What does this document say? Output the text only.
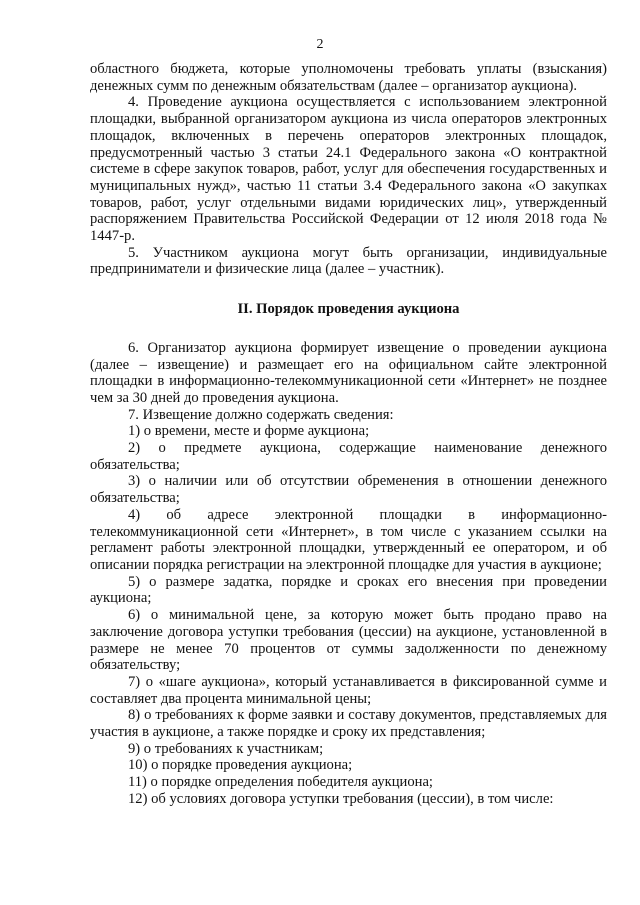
2

областного бюджета, которые уполномочены требовать уплаты (взыскания) денежных сумм по денежным обязательствам (далее – организатор аукциона).

4. Проведение аукциона осуществляется с использованием электронной площадки, выбранной организатором аукциона из числа операторов электронных площадок, включенных в перечень операторов электронных площадок, предусмотренный частью 3 статьи 24.1 Федерального закона «О контрактной системе в сфере закупок товаров, работ, услуг для обеспечения государственных и муниципальных нужд», частью 11 статьи 3.4 Федерального закона «О закупках товаров, работ, услуг отдельными видами юридических лиц», утвержденный распоряжением Правительства Российской Федерации от 12 июля 2018 года № 1447-р.

5. Участником аукциона могут быть организации, индивидуальные предприниматели и физические лица (далее – участник).

II. Порядок проведения аукциона

6. Организатор аукциона формирует извещение о проведении аукциона (далее – извещение) и размещает его на официальном сайте электронной площадки в информационно-телекоммуникационной сети «Интернет» не позднее чем за 30 дней до проведения аукциона.

7. Извещение должно содержать сведения:

1) о времени, месте и форме аукциона;

2) о предмете аукциона, содержащие наименование денежного обязательства;

3) о наличии или об отсутствии обременения в отношении денежного обязательства;

4) об адресе электронной площадки в информационно-телекоммуникационной сети «Интернет», в том числе с указанием ссылки на регламент работы электронной площадки, утвержденный ее оператором, и об описании порядка регистрации на электронной площадке для участия в аукционе;

5) о размере задатка, порядке и сроках его внесения при проведении аукциона;

6) о минимальной цене, за которую может быть продано право на заключение договора уступки требования (цессии) на аукционе, установленной в размере не менее 70 процентов от суммы задолженности по денежному обязательству;

7) о «шаге аукциона», который устанавливается в фиксированной сумме и составляет два процента минимальной цены;

8) о требованиях к форме заявки и составу документов, представляемых для участия в аукционе, а также порядке и сроку их представления;

9) о требованиях к участникам;

10) о порядке проведения аукциона;

11) о порядке определения победителя аукциона;

12) об условиях договора уступки требования (цессии), в том числе:
